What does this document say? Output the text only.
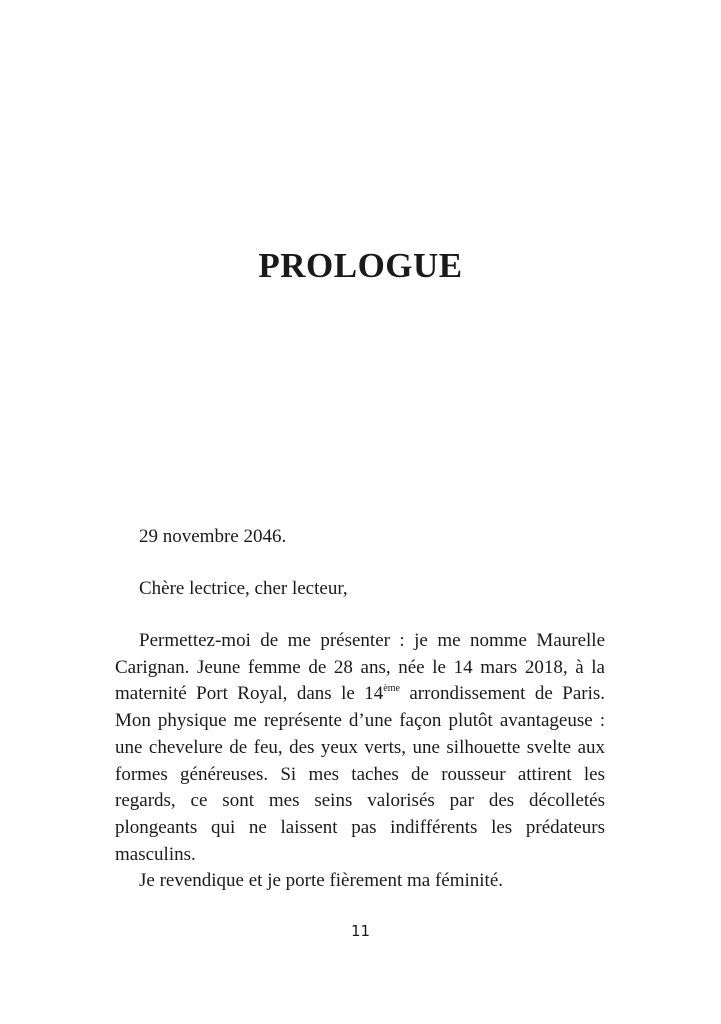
PROLOGUE

29 novembre 2046.

Chère lectrice, cher lecteur,

Permettez-moi de me présenter : je me nomme Maurelle Carignan. Jeune femme de 28 ans, née le 14 mars 2018, à la maternité Port Royal, dans le 14ème arrondissement de Paris. Mon physique me représente d’une façon plutôt avantageuse : une chevelure de feu, des yeux verts, une silhouette svelte aux formes généreuses. Si mes taches de rousseur attirent les regards, ce sont mes seins valorisés par des décolletés plongeants qui ne laissent pas indifférents les prédateurs masculins.

Je revendique et je porte fièrement ma féminité.

11
